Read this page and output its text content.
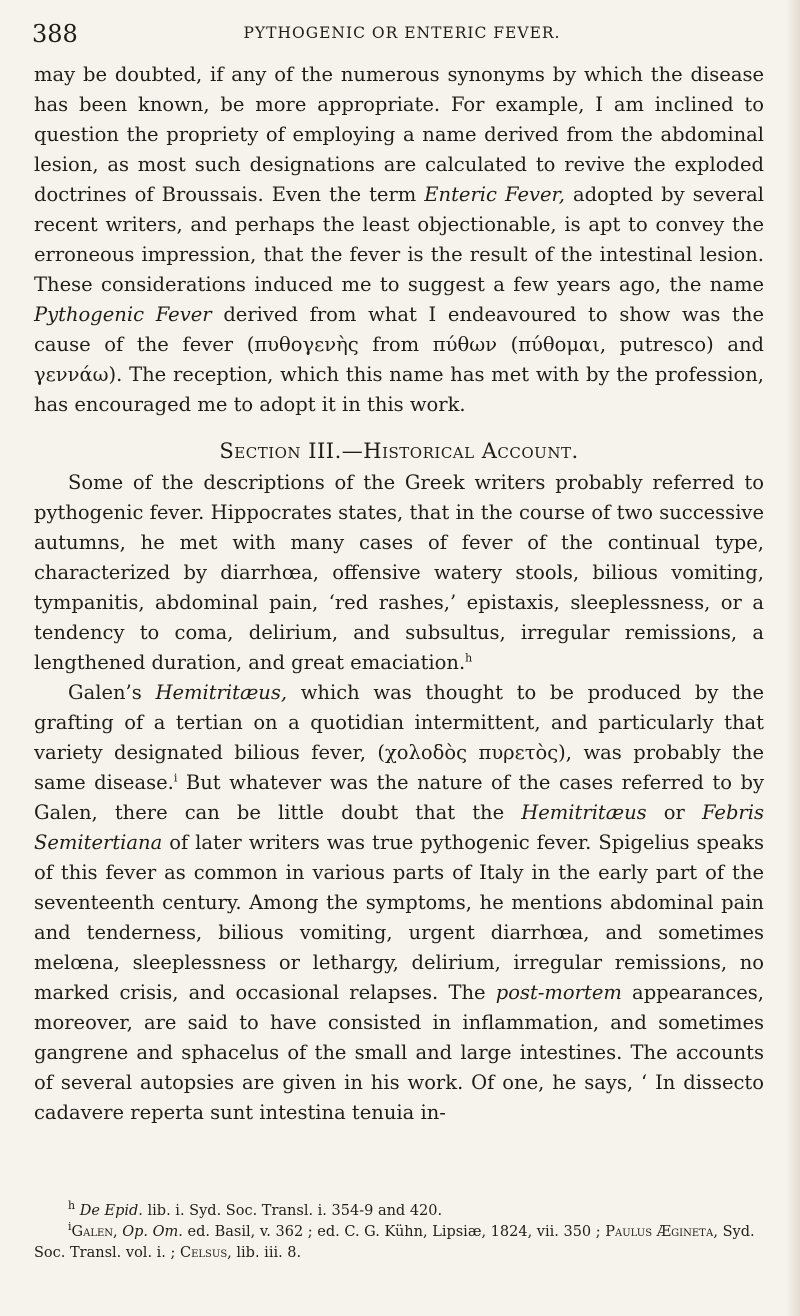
388	PYTHOGENIC OR ENTERIC FEVER.

may be doubted, if any of the numerous synonyms by which the disease has been known, be more appropriate. For example, I am inclined to question the propriety of employing a name derived from the abdominal lesion, as most such designations are calculated to revive the exploded doctrines of Broussais. Even the term Enteric Fever, adopted by several recent writers, and perhaps the least objectionable, is apt to convey the erroneous impression, that the fever is the result of the intestinal lesion. These considerations induced me to suggest a few years ago, the name Pythogenic Fever derived from what I endeavoured to show was the cause of the fever (πυθογενὴς from πύθων (πύθομαι, putresco) and γεννάω). The reception, which this name has met with by the profession, has encouraged me to adopt it in this work.

Section III.—Historical Account.

Some of the descriptions of the Greek writers probably referred to pythogenic fever. Hippocrates states, that in the course of two successive autumns, he met with many cases of fever of the continual type, characterized by diarrhœa, offensive watery stools, bilious vomiting, tympanitis, abdominal pain, ‘red rashes,’ epistaxis, sleeplessness, or a tendency to coma, delirium, and subsultus, irregular remissions, a lengthened duration, and great emaciation.$^h$

Galen’s Hemitritæus, which was thought to be produced by the grafting of a tertian on a quotidian intermittent, and particularly that variety designated bilious fever, (χολοδὸς πυρετὸς), was probably the same disease.$^i$ But whatever was the nature of the cases referred to by Galen, there can be little doubt that the Hemitritæus or Febris Semitertiana of later writers was true pythogenic fever. Spigelius speaks of this fever as common in various parts of Italy in the early part of the seventeenth century. Among the symptoms, he mentions abdominal pain and tenderness, bilious vomiting, urgent diarrhœa, and sometimes melœna, sleeplessness or lethargy, delirium, irregular remissions, no marked crisis, and occasional relapses. The post-mortem appearances, moreover, are said to have consisted in inflammation, and sometimes gangrene and sphacelus of the small and large intestines. The accounts of several autopsies are given in his work. Of one, he says, ‘ In dissecto cadavere reperta sunt intestina tenuia in-

$^h$ De Epid. lib. i. Syd. Soc. Transl. i. 354-9 and 420.

$^i$Galen, Op. Om. ed. Basil, v. 362 ; ed. C. G. Kühn, Lipsiæ, 1824, vii. 350 ; Paulus Æginetа, Syd. Soc. Transl. vol. i. ; Celsus, lib. iii. 8.
